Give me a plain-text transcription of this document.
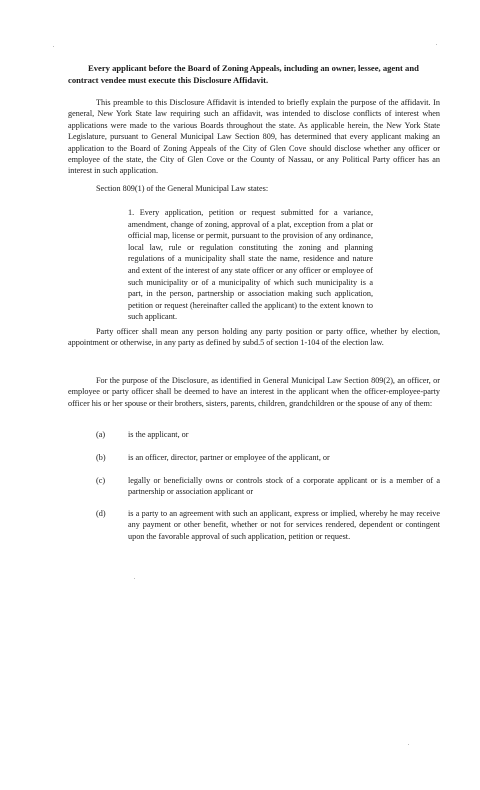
Every applicant before the Board of Zoning Appeals, including an owner, lessee, agent and contract vendee must execute this Disclosure Affidavit.
This preamble to this Disclosure Affidavit is intended to briefly explain the purpose of the affidavit. In general, New York State law requiring such an affidavit, was intended to disclose conflicts of interest when applications were made to the various Boards throughout the state. As applicable herein, the New York State Legislature, pursuant to General Municipal Law Section 809, has determined that every applicant making an application to the Board of Zoning Appeals of the City of Glen Cove should disclose whether any officer or employee of the state, the City of Glen Cove or the County of Nassau, or any Political Party officer has an interest in such application.
Section 809(1) of the General Municipal Law states:
1. Every application, petition or request submitted for a variance, amendment, change of zoning, approval of a plat, exception from a plat or official map, license or permit, pursuant to the provision of any ordinance, local law, rule or regulation constituting the zoning and planning regulations of a municipality shall state the name, residence and nature and extent of the interest of any state officer or any officer or employee of such municipality or of a municipality of which such municipality is a part, in the person, partnership or association making such application, petition or request (hereinafter called the applicant) to the extent known to such applicant.
Party officer shall mean any person holding any party position or party office, whether by election, appointment or otherwise, in any party as defined by subd.5 of section 1-104 of the election law.
For the purpose of the Disclosure, as identified in General Municipal Law Section 809(2), an officer, or employee or party officer shall be deemed to have an interest in the applicant when the officer-employee-party officer his or her spouse or their brothers, sisters, parents, children, grandchildren or the spouse of any of them:
(a)	is the applicant, or
(b)	is an officer, director, partner or employee of the applicant, or
(c)	legally or beneficially owns or controls stock of a corporate applicant or is a member of a partnership or association applicant or
(d)	is a party to an agreement with such an applicant, express or implied, whereby he may receive any payment or other benefit, whether or not for services rendered, dependent or contingent upon the favorable approval of such application, petition or request.
